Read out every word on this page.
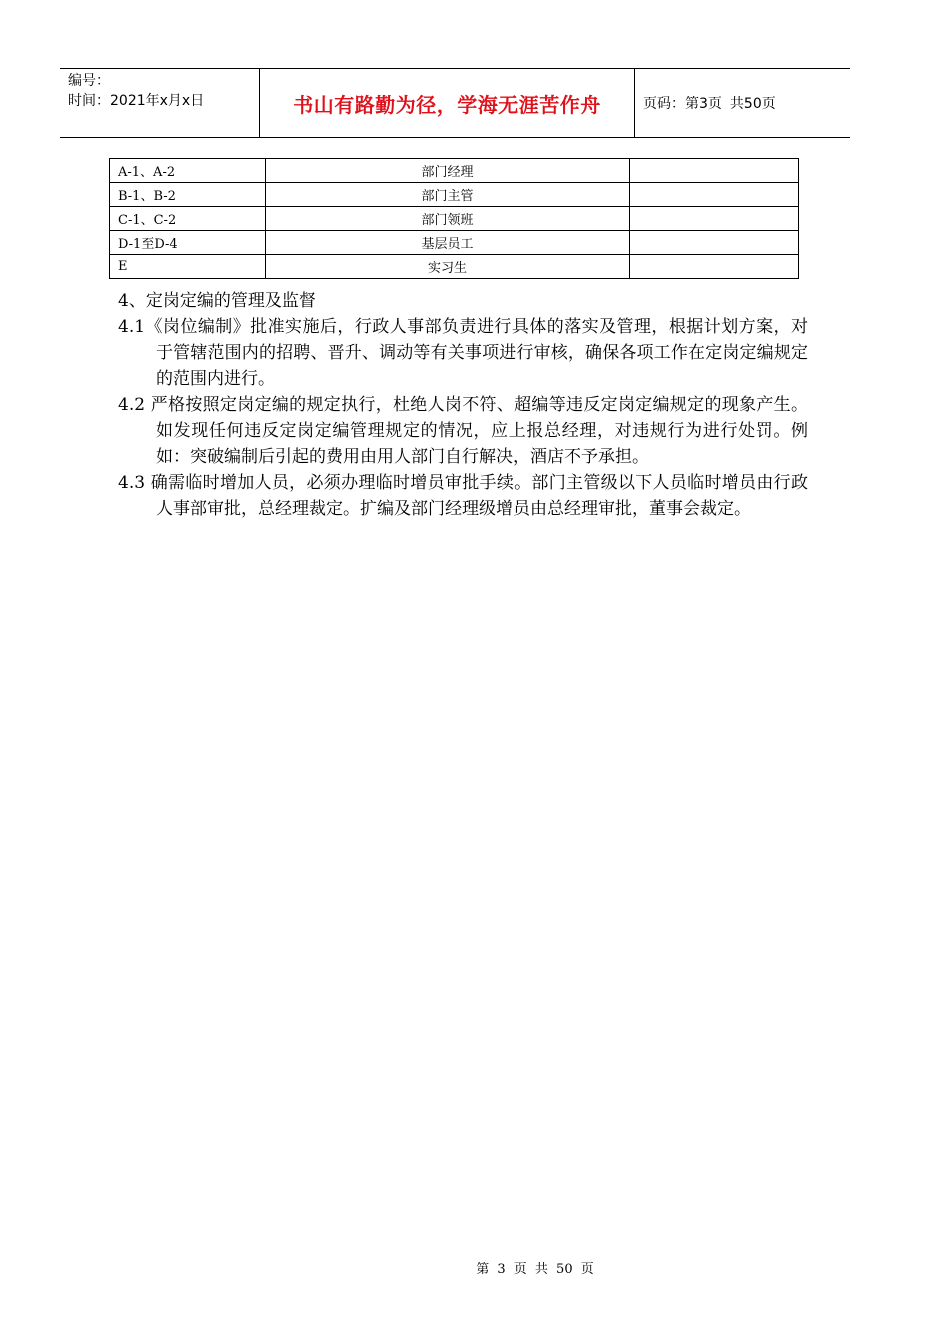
编号：
时间：2021年x月x日	书山有路勤为径，学海无涯苦作舟	页码：第3页 共50页
A-1、A-2	部门经理	
B-1、B-2	部门主管	
C-1、C-2	部门领班	
D-1至D-4	基层员工	
E	实习生	

4、定岗定编的管理及监督

4.1《岗位编制》批准实施后，行政人事部负责进行具体的落实及管理，根据计划方案，对于管辖范围内的招聘、晋升、调动等有关事项进行审核，确保各项工作在定岗定编规定的范围内进行。

4.2 严格按照定岗定编的规定执行，杜绝人岗不符、超编等违反定岗定编规定的现象产生。如发现任何违反定岗定编管理规定的情况，应上报总经理，对违规行为进行处罚。例如：突破编制后引起的费用由用人部门自行解决，酒店不予承担。

4.3 确需临时增加人员，必须办理临时增员审批手续。部门主管级以下人员临时增员由行政人事部审批，总经理裁定。扩编及部门经理级增员由总经理审批，董事会裁定。

第 3 页 共 50 页
